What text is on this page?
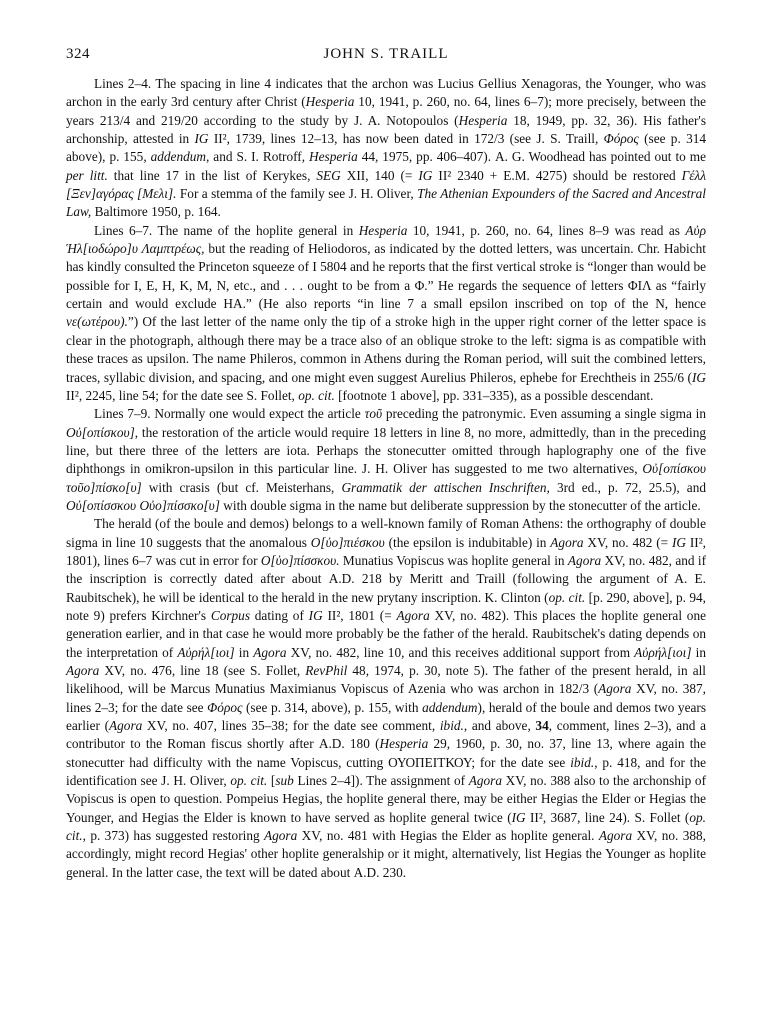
324	JOHN S. TRAILL

Lines 2–4. The spacing in line 4 indicates that the archon was Lucius Gellius Xenagoras, the Younger, who was archon in the early 3rd century after Christ (Hesperia 10, 1941, p. 260, no. 64, lines 6–7); more precisely, between the years 213/4 and 219/20 according to the study by J. A. Notopoulos (Hesperia 18, 1949, pp. 32, 36). His father's archonship, attested in IG II², 1739, lines 12–13, has now been dated in 172/3 (see J. S. Traill, Φόρος (see p. 314 above), p. 155, addendum, and S. I. Rotroff, Hesperia 44, 1975, pp. 406–407). A. G. Woodhead has pointed out to me per litt. that line 17 in the list of Kerykes, SEG XII, 140 (= IG II² 2340 + E.M. 4275) should be restored Γέλλ [Ξεν]αγόρας [Μελι]. For a stemma of the family see J. H. Oliver, The Athenian Expounders of the Sacred and Ancestral Law, Baltimore 1950, p. 164.

Lines 6–7. The name of the hoplite general in Hesperia 10, 1941, p. 260, no. 64, lines 8–9 was read as Αὐρ Ἡλ[ιοδώρο]υ Λαμπτρέως, but the reading of Heliodoros, as indicated by the dotted letters, was uncertain. Chr. Habicht has kindly consulted the Princeton squeeze of I 5804 and he reports that the first vertical stroke is “longer than would be possible for I, E, H, K, M, N, etc., and . . . ought to be from a Φ.” He regards the sequence of letters ΦΙΛ as “fairly certain and would exclude HA.” (He also reports “in line 7 a small epsilon inscribed on top of the N, hence νε(ωτέρου).”) Of the last letter of the name only the tip of a stroke high in the upper right corner of the letter space is clear in the photograph, although there may be a trace also of an oblique stroke to the left: sigma is as compatible with these traces as upsilon. The name Phileros, common in Athens during the Roman period, will suit the combined letters, traces, syllabic division, and spacing, and one might even suggest Aurelius Phileros, ephebe for Erechtheis in 255/6 (IG II², 2245, line 54; for the date see S. Follet, op. cit. [footnote 1 above], pp. 331–335), as a possible descendant.

Lines 7–9. Normally one would expect the article τοῦ preceding the patronymic. Even assuming a single sigma in Οὐ[οπίσκου], the restoration of the article would require 18 letters in line 8, no more, admittedly, than in the preceding line, but there three of the letters are iota. Perhaps the stonecutter omitted through haplography one of the five diphthongs in omikron-upsilon in this particular line. J. H. Oliver has suggested to me two alternatives, Οὐ[οπίσκου τοῦο]πίσκο[υ] with crasis (but cf. Meisterhans, Grammatik der attischen Inschriften, 3rd ed., p. 72, 25.5), and Οὐ[οπίσσκου Οὐο]πίσσκο[υ] with double sigma in the name but deliberate suppression by the stonecutter of the article.

The herald (of the boule and demos) belongs to a well-known family of Roman Athens: the orthography of double sigma in line 10 suggests that the anomalous Ο[ὐο]πιέσκου (the epsilon is indubitable) in Agora XV, no. 482 (= IG II², 1801), lines 6–7 was cut in error for Ο[ὐο]πίσσκου. Munatius Vopiscus was hoplite general in Agora XV, no. 482, and if the inscription is correctly dated after about A.D. 218 by Meritt and Traill (following the argument of A. E. Raubitschek), he will be identical to the herald in the new prytany inscription. K. Clinton (op. cit. [p. 290, above], p. 94, note 9) prefers Kirchner's Corpus dating of IG II², 1801 (= Agora XV, no. 482). This places the hoplite general one generation earlier, and in that case he would more probably be the father of the herald. Raubitschek's dating depends on the interpretation of Αὐρήλ[ιοι] in Agora XV, no. 482, line 10, and this receives additional support from Αὐρήλ[ιοι] in Agora XV, no. 476, line 18 (see S. Follet, RevPhil 48, 1974, p. 30, note 5). The father of the present herald, in all likelihood, will be Marcus Munatius Maximianus Vopiscus of Azenia who was archon in 182/3 (Agora XV, no. 387, lines 2–3; for the date see Φόρος (see p. 314, above), p. 155, with addendum), herald of the boule and demos two years earlier (Agora XV, no. 407, lines 35–38; for the date see comment, ibid., and above, 34, comment, lines 2–3), and a contributor to the Roman fiscus shortly after A.D. 180 (Hesperia 29, 1960, p. 30, no. 37, line 13, where again the stonecutter had difficulty with the name Vopiscus, cutting ΟΥΟΠΕΙΤΚΟΥ; for the date see ibid., p. 418, and for the identification see J. H. Oliver, op. cit. [sub Lines 2–4]). The assignment of Agora XV, no. 388 also to the archonship of Vopiscus is open to question. Pompeius Hegias, the hoplite general there, may be either Hegias the Elder or Hegias the Younger, and Hegias the Elder is known to have served as hoplite general twice (IG II², 3687, line 24). S. Follet (op. cit., p. 373) has suggested restoring Agora XV, no. 481 with Hegias the Elder as hoplite general. Agora XV, no. 388, accordingly, might record Hegias' other hoplite generalship or it might, alternatively, list Hegias the Younger as hoplite general. In the latter case, the text will be dated about A.D. 230.
